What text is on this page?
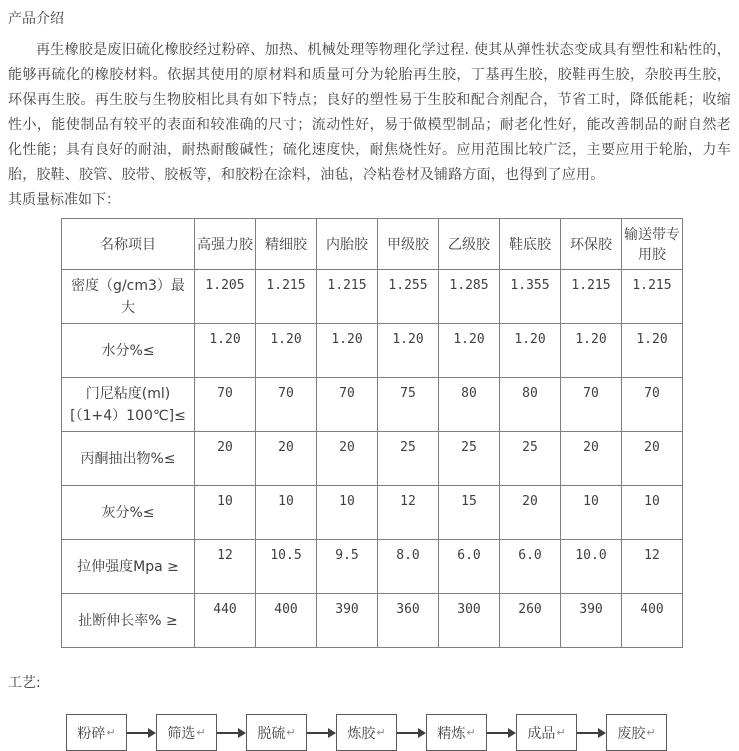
产品介绍

再生橡胶是废旧硫化橡胶经过粉碎、加热、机械处理等物理化学过程. 使其从弹性状态变成具有塑性和粘性的，能够再硫化的橡胶材料。依据其使用的原材料和质量可分为轮胎再生胶，丁基再生胶，胶鞋再生胶，杂胶再生胶，环保再生胶。再生胶与生物胶相比具有如下特点；良好的塑性易于生胶和配合剂配合，节省工时，降低能耗；收缩性小，能使制品有较平的表面和较准确的尺寸；流动性好，易于做模型制品；耐老化性好，能改善制品的耐自然老化性能；具有良好的耐油，耐热耐酸碱性；硫化速度快，耐焦烧性好。应用范围比较广泛，主要应用于轮胎，力车胎，胶鞋、胶管、胶带、胶板等，和胶粉在涂料，油毡，冷粘卷材及铺路方面，也得到了应用。

其质量标准如下：
名称项目	高强力胶	精细胶	内胎胶	甲级胶	乙级胶	鞋底胶	环保胶	输送带专用胶
密度（g/cm3）最大	1.205	1.215	1.215	1.255	1.285	1.355	1.215	1.215
水分%≤	1.20	1.20	1.20	1.20	1.20	1.20	1.20	1.20
门尼粘度(ml)[（1+4）100℃]≤	70	70	70	75	80	80	70	70
丙酮抽出物%≤	20	20	20	25	25	25	20	20
灰分%≤	10	10	10	12	15	20	10	10
拉伸强度Mpa ≥	12	10.5	9.5	8.0	6.0	6.0	10.0	12
扯断伸长率% ≥	440	400	390	360	300	260	390	400
工艺:
粉碎 ↵	筛选 ↵	脱硫 ↵	炼胶 ↵	精炼 ↵	成品 ↵	废胶 ↵
